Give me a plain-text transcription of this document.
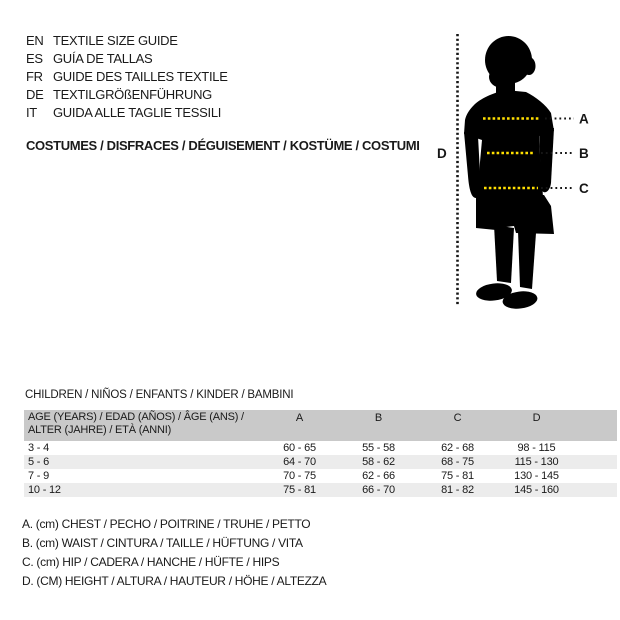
EN TEXTILE SIZE GUIDE
ES GUÍA DE TALLAS
FR GUIDE DES TAILLES TEXTILE
DE TEXTILGRÖßENFÜHRUNG
IT	GUIDA ALLE TAGLIE TESSILI
COSTUMES / DISFRACES / DÉGUISEMENT / KOSTÜME / COSTUMI
A
B
C
D
CHILDREN / NIÑOS / ENFANTS / KINDER / BAMBINI
AGE (YEARS) / EDAD (AÑOS) / ÂGE (ANS) /
ALTER (JAHRE) / ETÀ (ANNI)	A	B	C	D	
3 - 4	60 - 65	55 - 58	62 - 68	98 - 115	
5 - 6	64 - 70	58 - 62	68 - 75	115 - 130	
7 - 9	70 - 75	62 - 66	75 - 81	130 - 145	
10 - 12	75 - 81	66 - 70	81 - 82	145 - 160	
A. (cm) CHEST / PECHO / POITRINE / TRUHE / PETTO
B. (cm) WAIST / CINTURA / TAILLE / HÜFTUNG / VITA
C. (cm) HIP / CADERA / HANCHE / HÜFTE / HIPS
D. (CM) HEIGHT / ALTURA / HAUTEUR / HÖHE / ALTEZZA
